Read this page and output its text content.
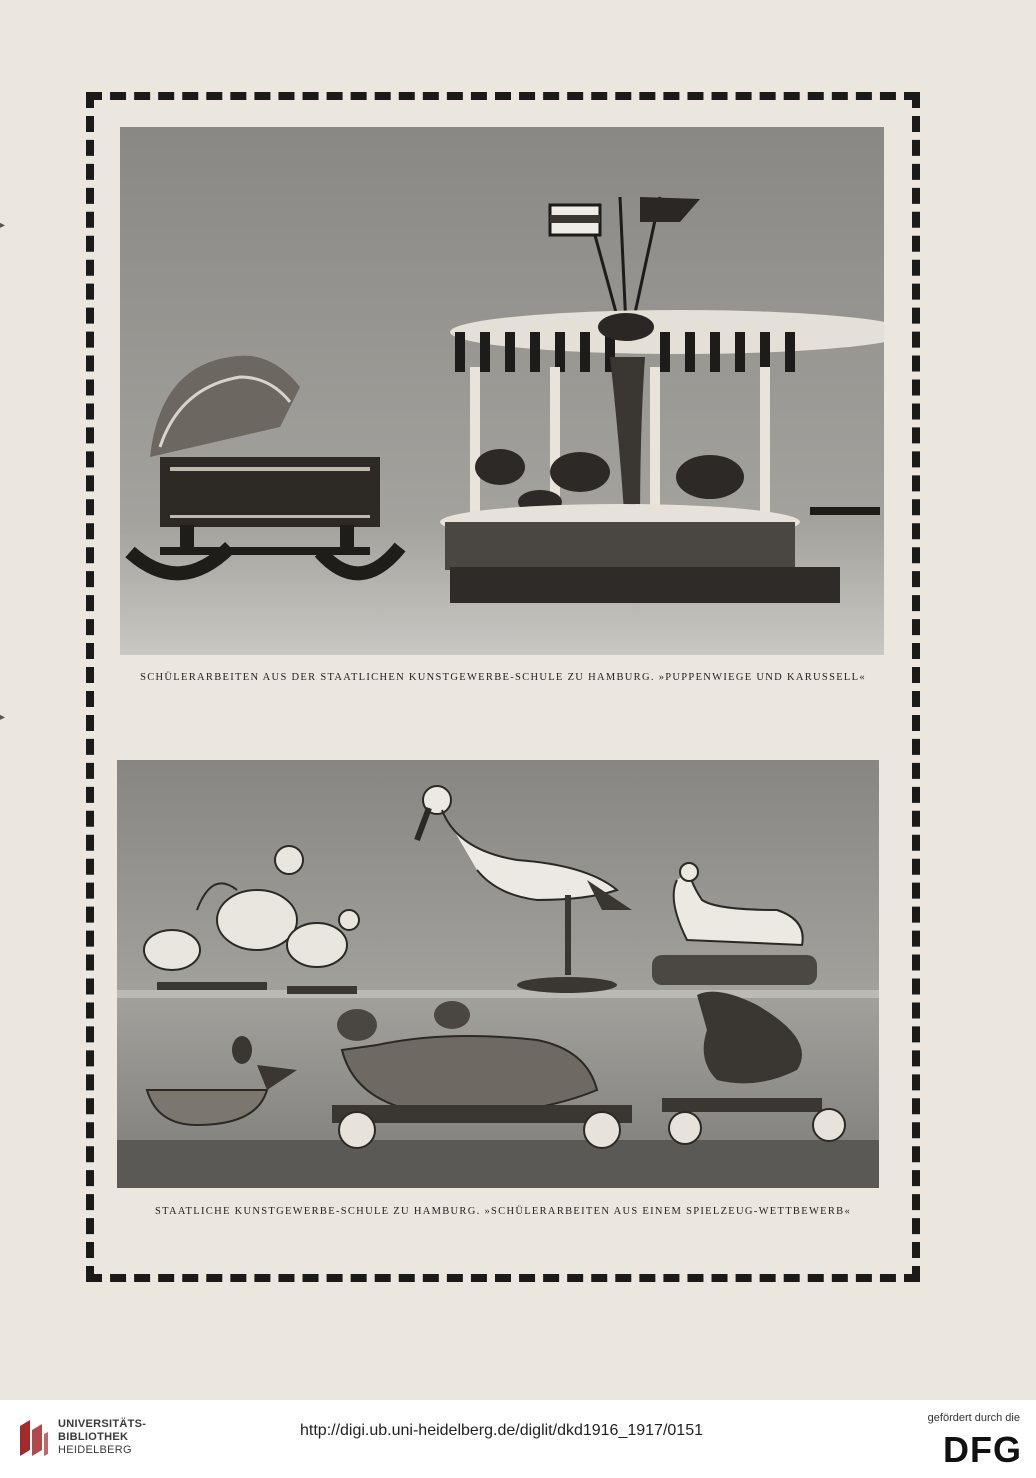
▸
▸
SCHÜLERARBEITEN AUS DER STAATLICHEN KUNSTGEWERBE-SCHULE ZU HAMBURG. »PUPPENWIEGE UND KARUSSELL«
STAATLICHE KUNSTGEWERBE-SCHULE ZU HAMBURG. »SCHÜLERARBEITEN AUS EINEM SPIELZEUG-WETTBEWERB«
UNIVERSITÄTS-
BIBLIOTHEK
HEIDELBERG
http://digi.ub.uni-heidelberg.de/diglit/dkd1916_1917/0151
gefördert durch die
DFG
